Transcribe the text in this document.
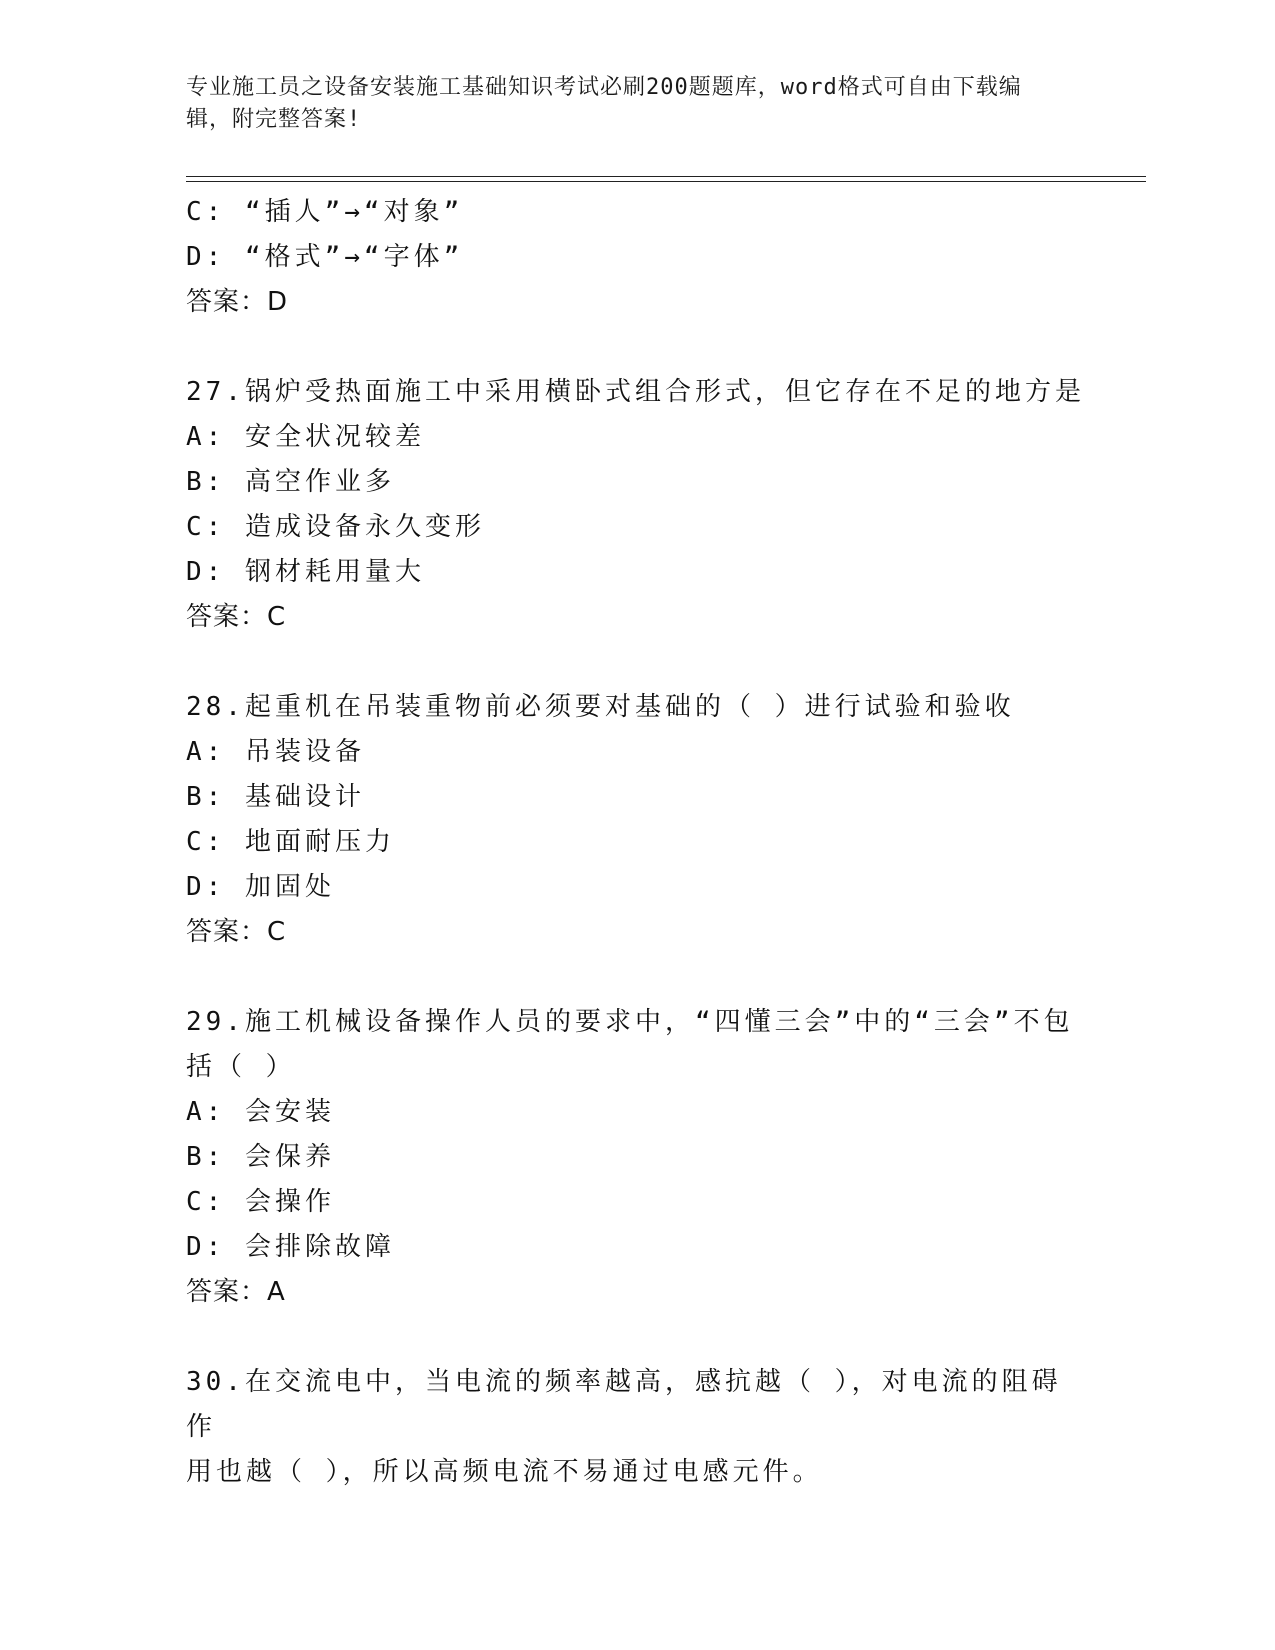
专业施工员之设备安装施工基础知识考试必刷200题题库，word格式可自由下载编辑，附完整答案!
C: “插人”→“对象”
D: “格式”→“字体”
答案：D
27.锅炉受热面施工中采用横卧式组合形式，但它存在不足的地方是
A: 安全状况较差
B: 高空作业多
C: 造成设备永久变形
D: 钢材耗用量大
答案：C
28.起重机在吊装重物前必须要对基础的（ ）进行试验和验收
A: 吊装设备
B: 基础设计
C: 地面耐压力
D: 加固处
答案：C
29.施工机械设备操作人员的要求中，“四懂三会”中的“三会”不包
括（ ）
A: 会安装
B: 会保养
C: 会操作
D: 会排除故障
答案：A
30.在交流电中，当电流的频率越高，感抗越（ ），对电流的阻碍作
用也越（ ），所以高频电流不易通过电感元件。
